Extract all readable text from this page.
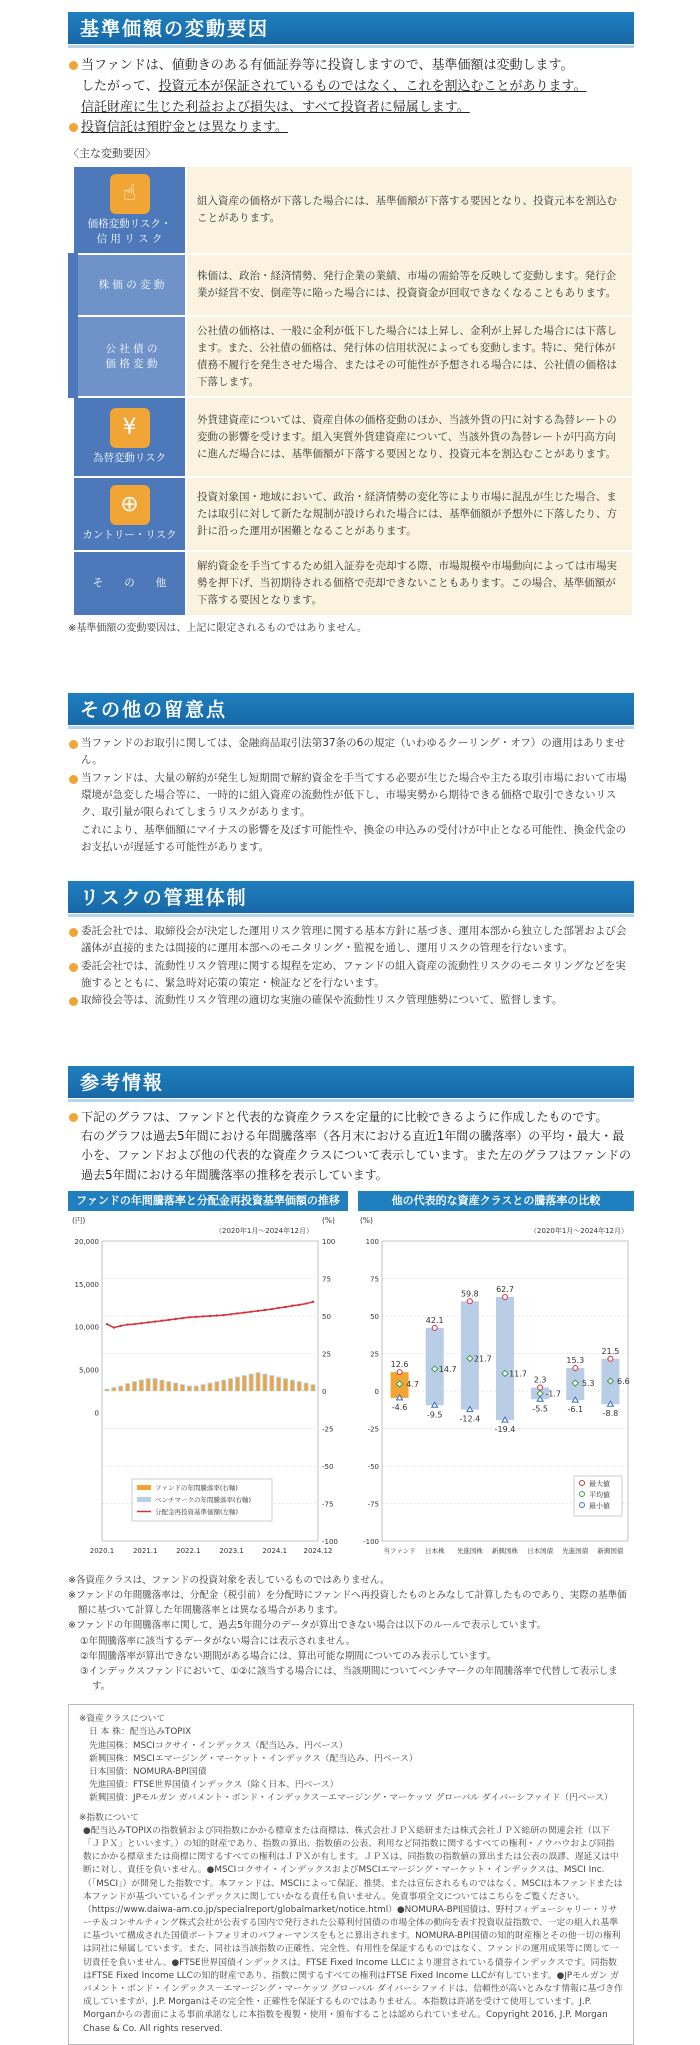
基準価額の変動要因
当ファンドは、値動きのある有価証券等に投資しますので、基準価額は変動します。
したがって、投資元本が保証されているものではなく、これを割込むことがあります。
信託財産に生じた利益および損失は、すべて投資者に帰属します。
投資信託は預貯金とは異なります。
〈主な変動要因〉
☝
価格変動リスク・
信 用 リ ス ク	組入資産の価格が下落した場合には、基準価額が下落する要因となり、投資元本を割込むことがあります。
株 価 の 変 動	株価は、政治・経済情勢、発行企業の業績、市場の需給等を反映して変動します。発行企業が経営不安、倒産等に陥った場合には、投資資金が回収できなくなることもあります。

公 社 債 の
価 格 変 動	公社債の価格は、一般に金利が低下した場合には上昇し、金利が上昇した場合には下落します。また、公社債の価格は、発行体の信用状況によっても変動します。特に、発行体が債務不履行を発生させた場合、またはその可能性が予想される場合には、公社債の価格は下落します。

¥
為替変動リスク	外貨建資産については、資産自体の価格変動のほか、当該外貨の円に対する為替レートの変動の影響を受けます。組入実質外貨建資産について、当該外貨の為替レートが円高方向に進んだ場合には、基準価額が下落する要因となり、投資元本を割込むことがあります。

⊕
カントリー・リスク	投資対象国・地域において、政治・経済情勢の変化等により市場に混乱が生じた場合、または取引に対して新たな規制が設けられた場合には、基準価額が予想外に下落したり、方針に沿った運用が困難となることがあります。
そ　　の　　他	解約資金を手当てするため組入証券を売却する際、市場規模や市場動向によっては市場実勢を押下げ、当初期待される価格で売却できないこともあります。この場合、基準価額が下落する要因となります。
※基準価額の変動要因は、上記に限定されるものではありません。
その他の留意点
当ファンドのお取引に関しては、金融商品取引法第37条の6の規定（いわゆるクーリング・オフ）の適用はありません。
当ファンドは、大量の解約が発生し短期間で解約資金を手当てする必要が生じた場合や主たる取引市場において市場環境が急変した場合等に、一時的に組入資産の流動性が低下し、市場実勢から期待できる価格で取引できないリスク、取引量が限られてしまうリスクがあります。
これにより、基準価額にマイナスの影響を及ぼす可能性や、換金の申込みの受付けが中止となる可能性、換金代金のお支払いが遅延する可能性があります。
リスクの管理体制
委託会社では、取締役会が決定した運用リスク管理に関する基本方針に基づき、運用本部から独立した部署および会議体が直接的または間接的に運用本部へのモニタリング・監視を通し、運用リスクの管理を行ないます。
委託会社では、流動性リスク管理に関する規程を定め、ファンドの組入資産の流動性リスクのモニタリングなどを実施するとともに、緊急時対応策の策定・検証などを行ないます。
取締役会等は、流動性リスク管理の適切な実施の確保や流動性リスク管理態勢について、監督します。
参考情報
下記のグラフは、ファンドと代表的な資産クラスを定量的に比較できるように作成したものです。
右のグラフは過去5年間における年間騰落率（各月末における直近1年間の騰落率）の平均・最大・最小を、ファンドおよび他の代表的な資産クラスについて表示しています。また左のグラフはファンドの過去5年間における年間騰落率の推移を表示しています。
ファンドの年間騰落率と分配金再投資基準価額の推移
(円)	(%)
（2020年1月～2024年12月）
100
75
50
25
0
-25
-50
-75
-100
20,000
15,000
10,000
5,000
0
2020.1	2021.1	2022.1	2023.1	2024.1 2024.12
ファンドの年間騰落率(右軸)
ベンチマークの年間騰落率(右軸)
分配金再投資基準価額(左軸)
他の代表的な資産クラスとの騰落率の比較
(%)
（2020年1月～2024年12月）
100
75
50
25
0
-25
-50
-75
-100
12.6
4.7
-4.6
当ファンド
42.1
14.7
-9.5
日本株
59.8
21.7
-12.4
先進国株
62.7
11.7
-19.4
新興国株
2.3
-1.7
-5.5
日本国債
15.3
5.3
-6.1
先進国債
21.5
6.6
-8.8
新興国債
最大値
平均値
最小値
※各資産クラスは、ファンドの投資対象を表しているものではありません。
※ファンドの年間騰落率は、分配金（税引前）を分配時にファンドへ再投資したものとみなして計算したものであり、実際の基準価額に基づいて計算した年間騰落率とは異なる場合があります。
※ファンドの年間騰落率に関して、過去5年間分のデータが算出できない場合は以下のルールで表示しています。
①年間騰落率に該当するデータがない場合には表示されません。
②年間騰落率が算出できない期間がある場合には、算出可能な期間についてのみ表示しています。
③インデックスファンドにおいて、①②に該当する場合には、当該期間についてベンチマークの年間騰落率で代替して表示します。
※資産クラスについて
日 本 株：配当込みTOPIX
先進国株：MSCIコクサイ・インデックス（配当込み、円ベース）
新興国株：MSCIエマージング・マーケット・インデックス（配当込み、円ベース）
日本国債：NOMURA-BPI国債
先進国債：FTSE世界国債インデックス（除く日本、円ベース）
新興国債：JPモルガン ガバメント・ボンド・インデックス－エマージング・マーケッツ グローバル ダイバーシファイド（円ベース）
※指数について
●配当込みTOPIXの指数値および同指数にかかる標章または商標は、株式会社ＪＰＸ総研または株式会社ＪＰＸ総研の関連会社（以下「ＪＰＸ」といいます。）の知的財産であり、指数の算出、指数値の公表、利用など同指数に関するすべての権利・ノウハウおよび同指数にかかる標章または商標に関するすべての権利はＪＰＸが有します。ＪＰＸは、同指数の指数値の算出または公表の誤謬、遅延又は中断に対し、責任を負いません。●MSCIコクサイ・インデックスおよびMSCIエマージング・マーケット・インデックスは、MSCI Inc.（「MSCI」）が開発した指数です。本ファンドは、MSCIによって保証、推奨、または宣伝されるものではなく、MSCIは本ファンドまたは本ファンドが基づいているインデックスに関していかなる責任も負いません。免責事項全文についてはこちらをご覧ください。（https://www.daiwa-am.co.jp/specialreport/globalmarket/notice.html）●NOMURA-BPI国債は、野村フィデューシャリー・リサーチ＆コンサルティング株式会社が公表する国内で発行された公募利付国債の市場全体の動向を表す投資収益指数で、一定の組入れ基準に基づいて構成された国債ポートフォリオのパフォーマンスをもとに算出されます。NOMURA-BPI国債の知的財産権とその他一切の権利は同社に帰属しています。また、同社は当該指数の正確性、完全性、有用性を保証するものではなく、ファンドの運用成果等に関して一切責任を負いません。●FTSE世界国債インデックスは、FTSE Fixed Income LLCにより運営されている債券インデックスです。同指数はFTSE Fixed Income LLCの知的財産であり、指数に関するすべての権利はFTSE Fixed Income LLCが有しています。●JPモルガン ガバメント・ボンド・インデックス－エマージング・マーケッツ グローバル ダイバーシファイドは、信頼性が高いとみなす情報に基づき作成していますが、J.P. Morganはその完全性・正確性を保証するものではありません。本指数は許諾を受けて使用しています。J.P. Morganからの書面による事前承諾なしに本指数を複製・使用・頒布することは認められていません。Copyright 2016, J.P. Morgan Chase & Co. All rights reserved.
